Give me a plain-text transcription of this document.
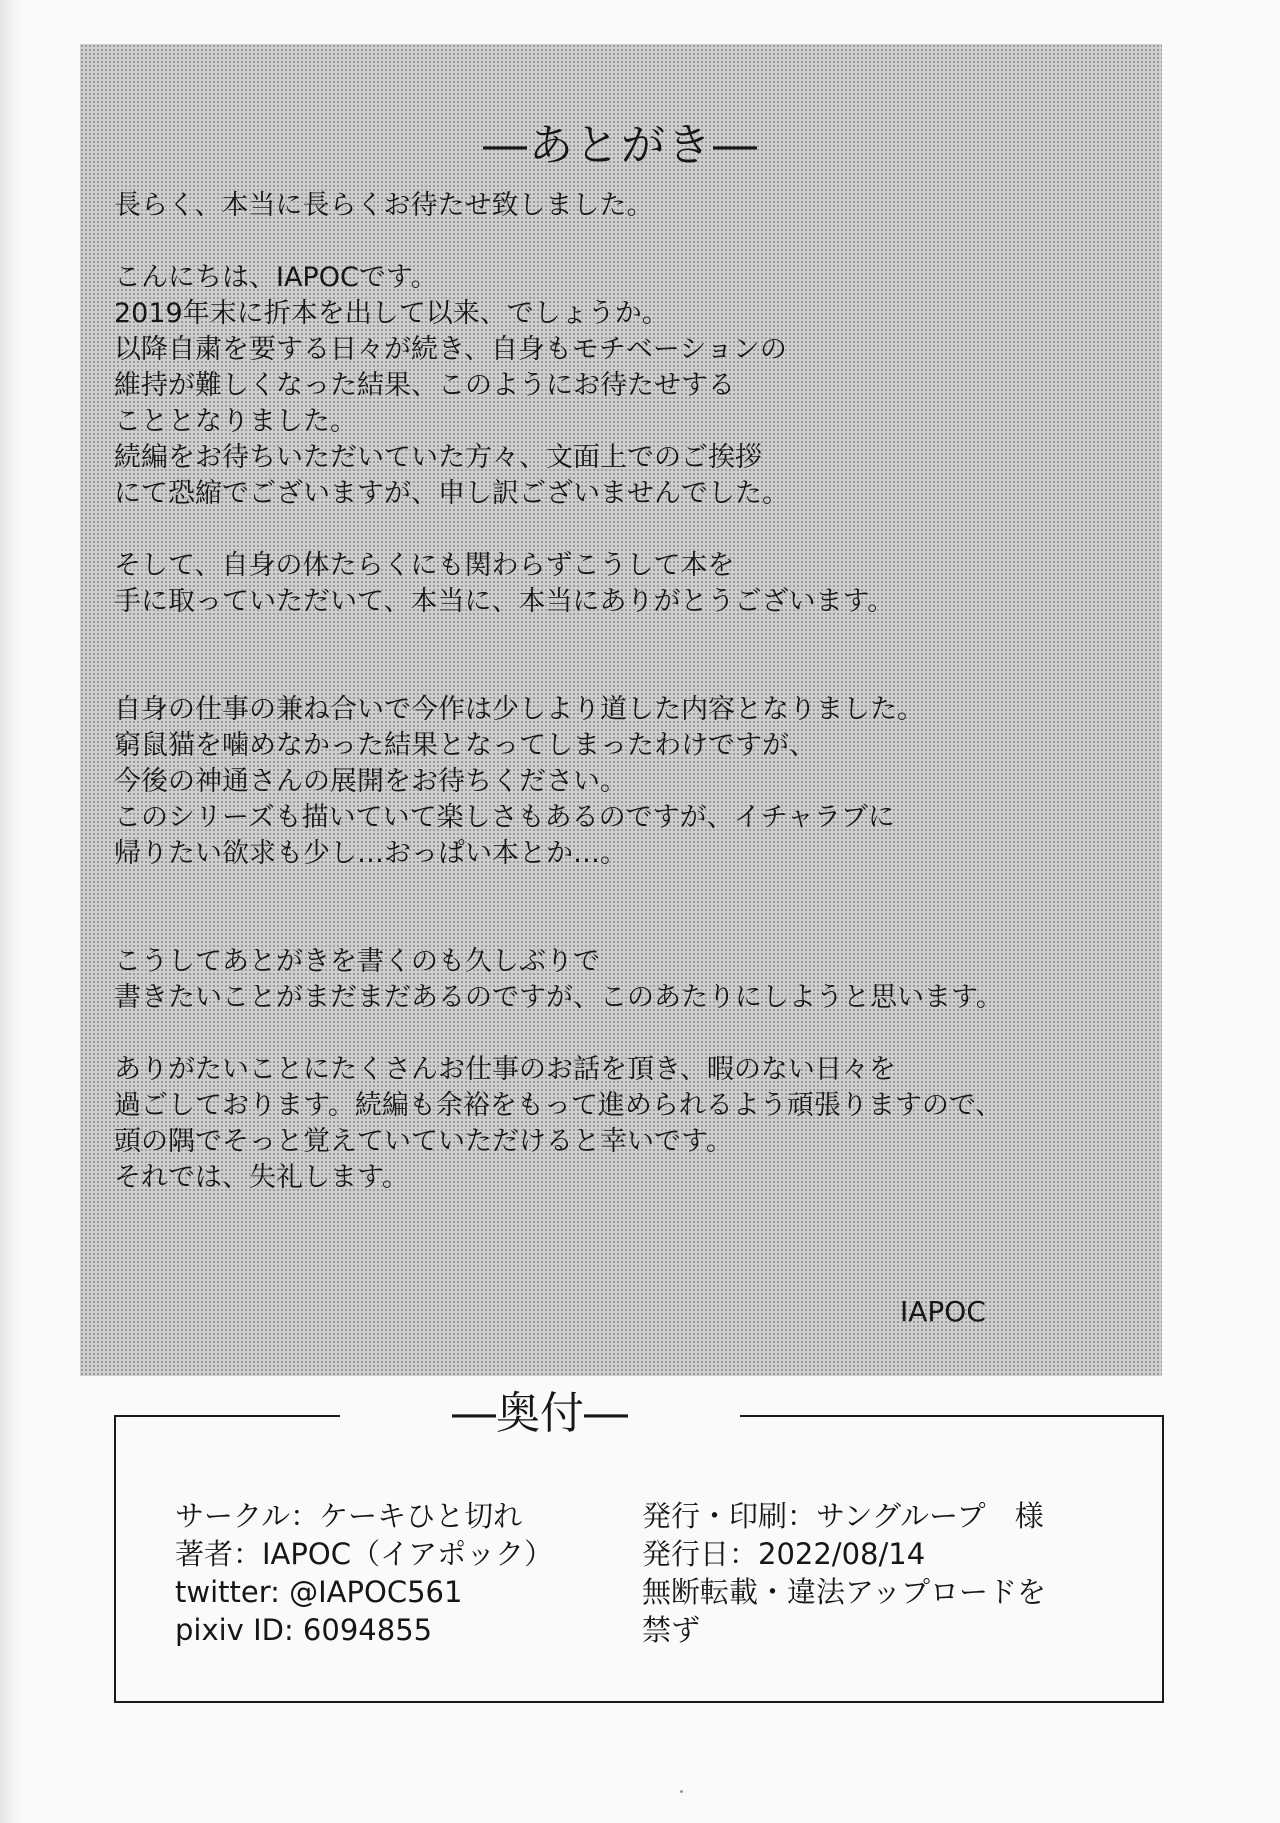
―あとがき―
長らく、本当に長らくお待たせ致しました。
こんにちは、IAPOCです。
2019年末に折本を出して以来、でしょうか。
以降自粛を要する日々が続き、自身もモチベーションの
維持が難しくなった結果、このようにお待たせする
こととなりました。
続編をお待ちいただいていた方々、文面上でのご挨拶
にて恐縮でございますが、申し訳ございませんでした。
そして、自身の体たらくにも関わらずこうして本を
手に取っていただいて、本当に、本当にありがとうございます。
自身の仕事の兼ね合いで今作は少しより道した内容となりました。
窮鼠猫を噛めなかった結果となってしまったわけですが、
今後の神通さんの展開をお待ちください。
このシリーズも描いていて楽しさもあるのですが、イチャラブに
帰りたい欲求も少し…おっぱい本とか…。
こうしてあとがきを書くのも久しぶりで
書きたいことがまだまだあるのですが、このあたりにしようと思います。
ありがたいことにたくさんお仕事のお話を頂き、暇のない日々を
過ごしております。続編も余裕をもって進められるよう頑張りますので、
頭の隅でそっと覚えていていただけると幸いです。
それでは、失礼します。
IAPOC
―奥付―
サークル：ケーキひと切れ
著者：IAPOC（イアポック）
twitter: @IAPOC561
pixiv ID: 6094855
発行・印刷：サングループ　様
発行日：2022/08/14
無断転載・違法アップロードを
禁ず
